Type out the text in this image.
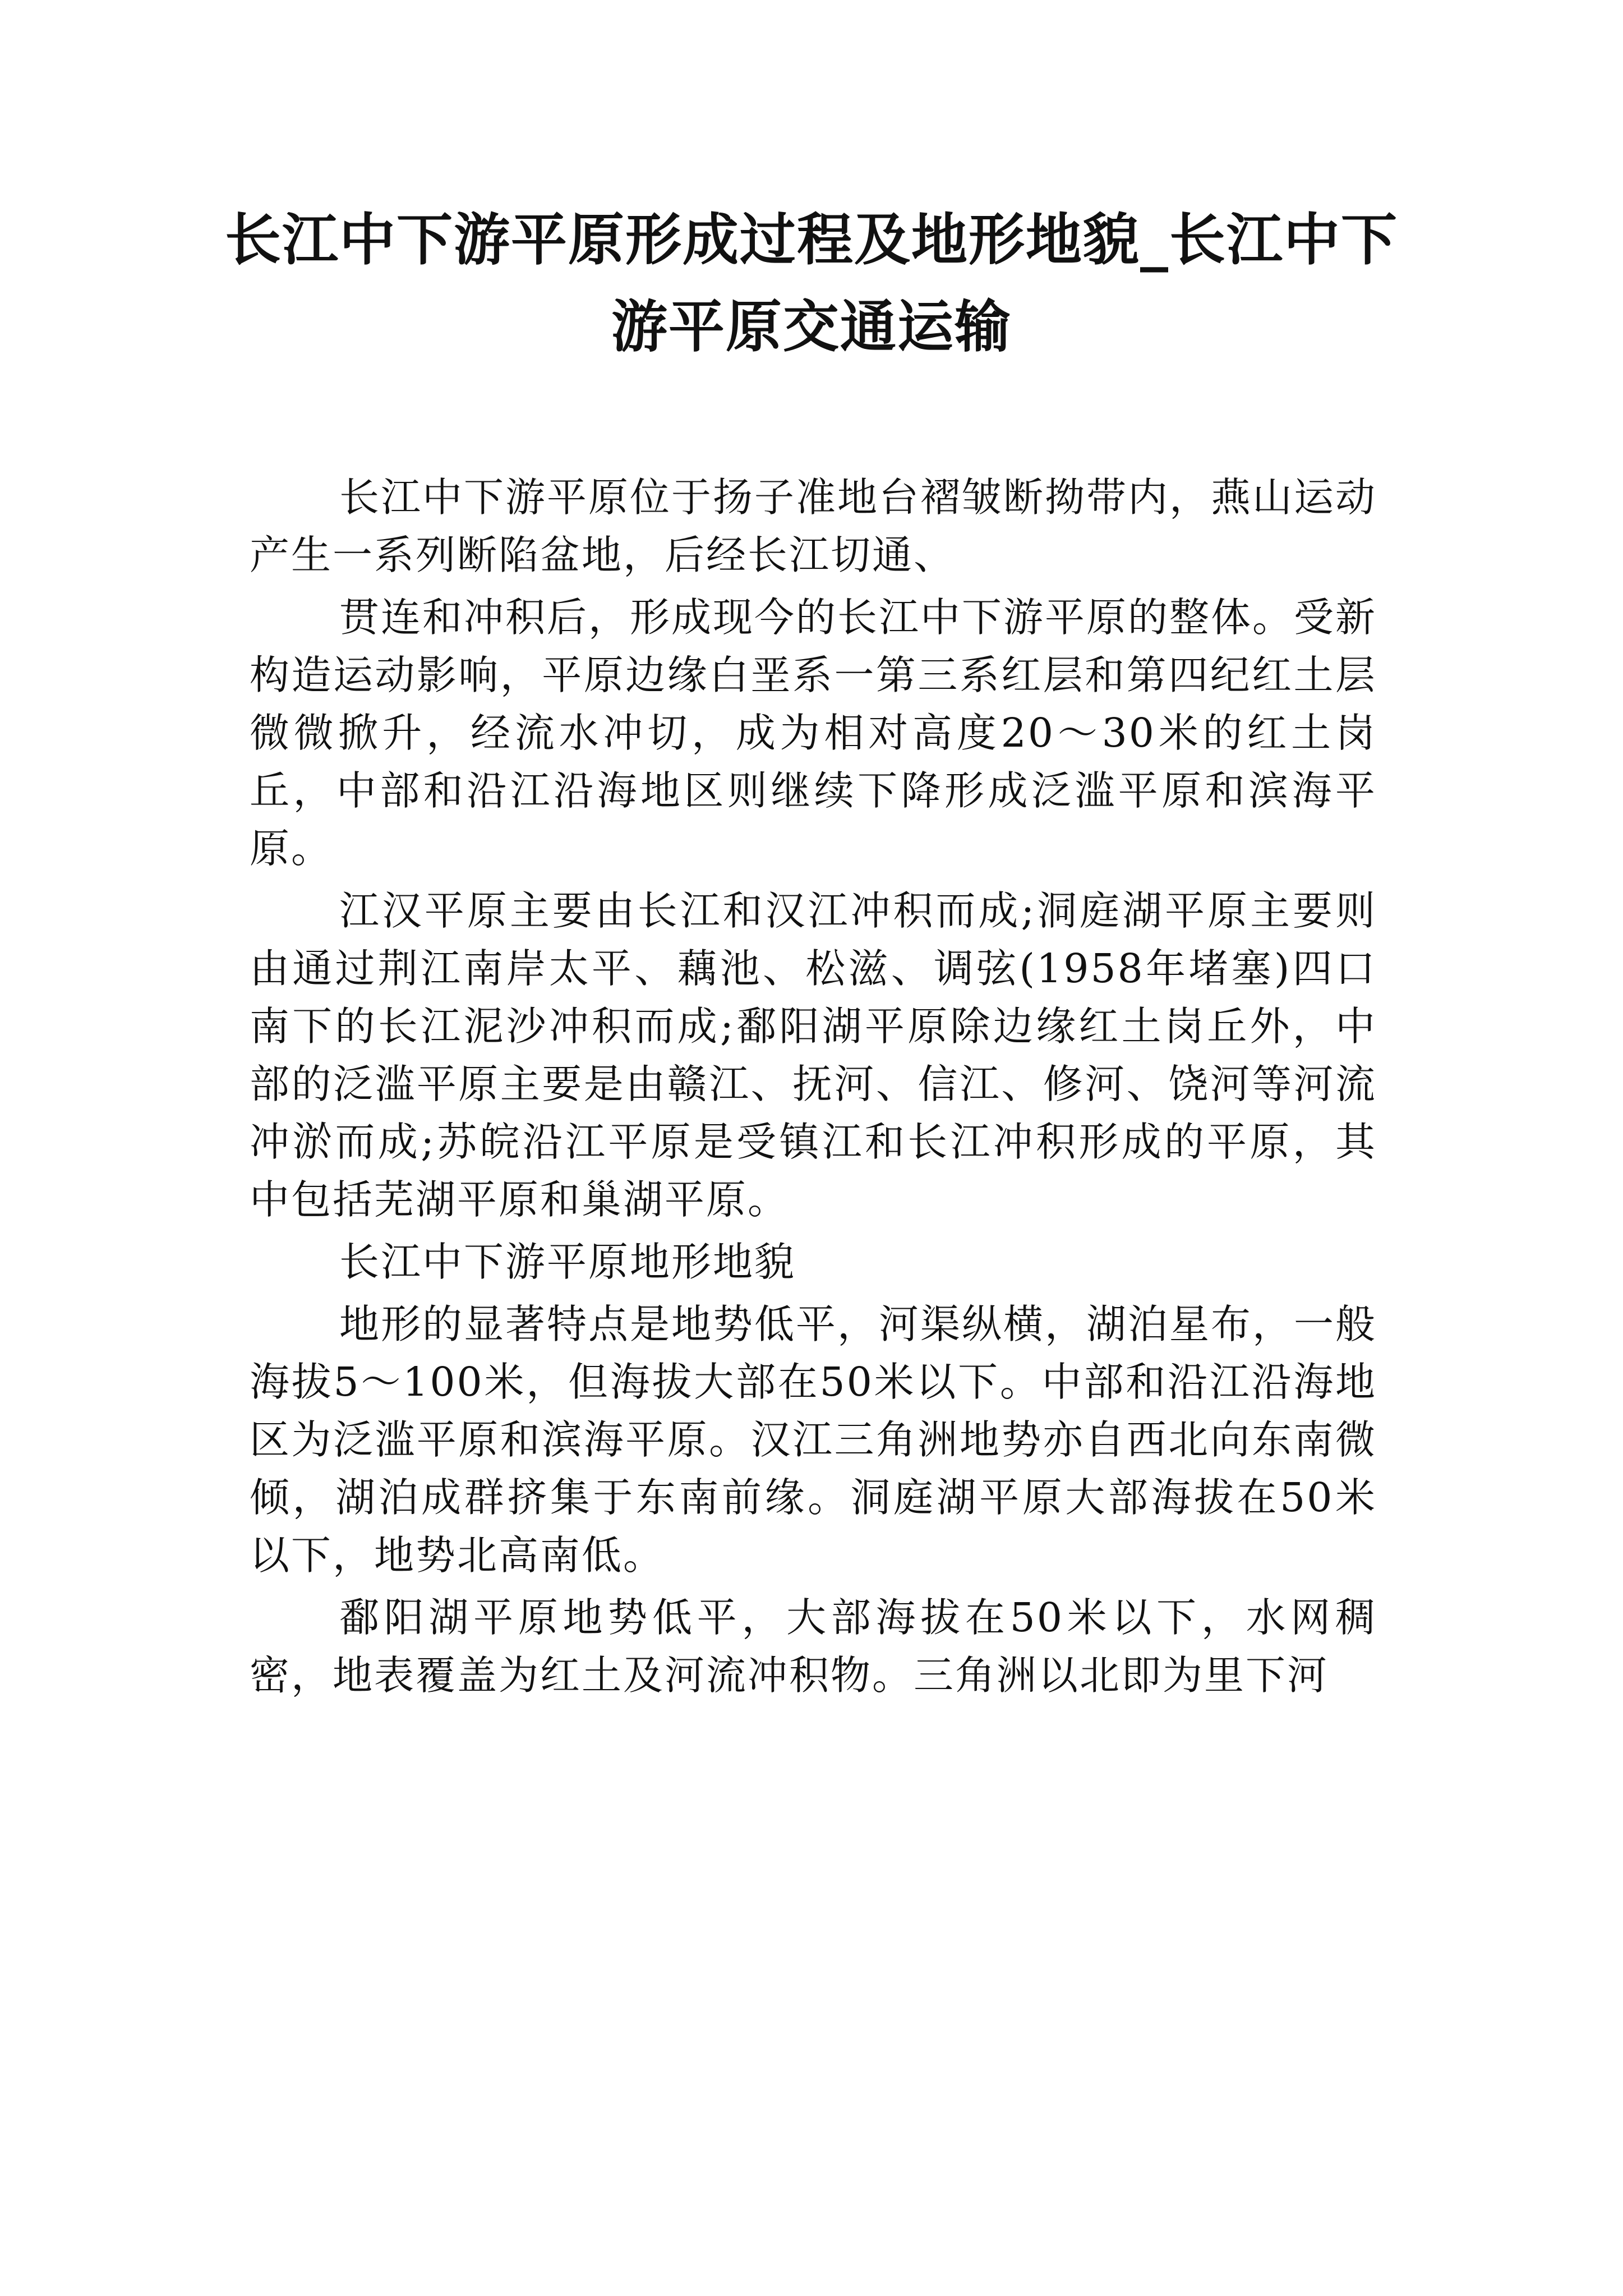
长江中下游平原形成过程及地形地貌_长江中下游平原交通运输

长江中下游平原位于扬子准地台褶皱断拗带内，燕山运动产生一系列断陷盆地，后经长江切通、

贯连和冲积后，形成现今的长江中下游平原的整体。受新构造运动影响，平原边缘白垩系一第三系红层和第四纪红土层微微掀升，经流水冲切，成为相对高度20～30米的红土岗丘，中部和沿江沿海地区则继续下降形成泛滥平原和滨海平原。

江汉平原主要由长江和汉江冲积而成;洞庭湖平原主要则由通过荆江南岸太平、藕池、松滋、调弦(1958年堵塞)四口南下的长江泥沙冲积而成;鄱阳湖平原除边缘红土岗丘外，中部的泛滥平原主要是由赣江、抚河、信江、修河、饶河等河流冲淤而成;苏皖沿江平原是受镇江和长江冲积形成的平原，其中包括芜湖平原和巢湖平原。

长江中下游平原地形地貌

地形的显著特点是地势低平，河渠纵横，湖泊星布，一般海拔5～100米，但海拔大部在50米以下。中部和沿江沿海地区为泛滥平原和滨海平原。汉江三角洲地势亦自西北向东南微倾，湖泊成群挤集于东南前缘。洞庭湖平原大部海拔在50米以下，地势北高南低。

鄱阳湖平原地势低平，大部海拔在50米以下，水网稠密，地表覆盖为红土及河流冲积物。三角洲以北即为里下河
